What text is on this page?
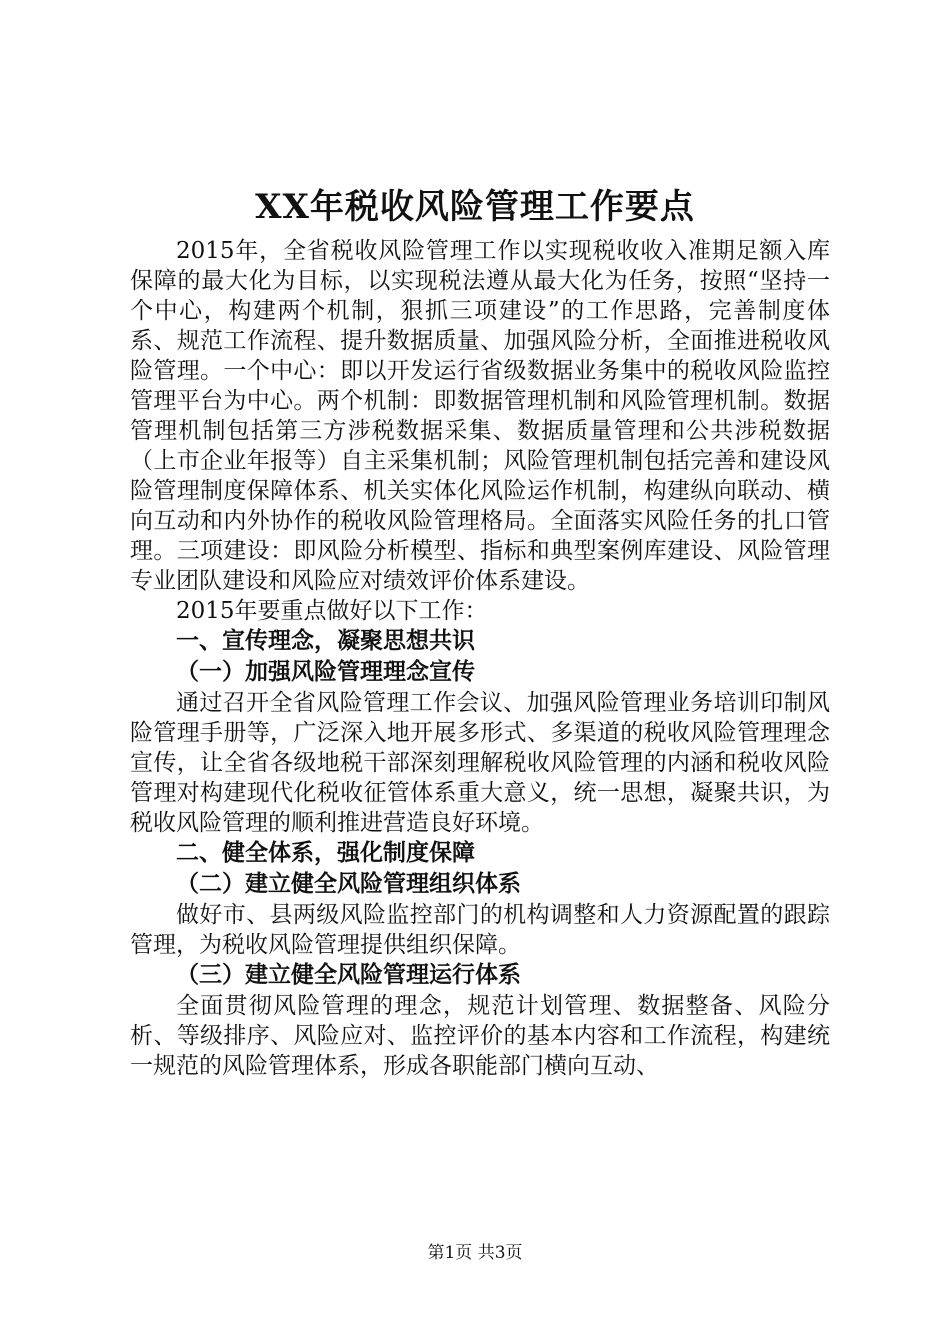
XX年税收风险管理工作要点

2015年，全省税收风险管理工作以实现税收收入准期足额入库保障的最大化为目标，以实现税法遵从最大化为任务，按照“坚持一个中心，构建两个机制，狠抓三项建设”的工作思路，完善制度体系、规范工作流程、提升数据质量、加强风险分析，全面推进税收风险管理。一个中心：即以开发运行省级数据业务集中的税收风险监控管理平台为中心。两个机制：即数据管理机制和风险管理机制。数据管理机制包括第三方涉税数据采集、数据质量管理和公共涉税数据（上市企业年报等）自主采集机制；风险管理机制包括完善和建设风险管理制度保障体系、机关实体化风险运作机制，构建纵向联动、横向互动和内外协作的税收风险管理格局。全面落实风险任务的扎口管理。三项建设：即风险分析模型、指标和典型案例库建设、风险管理专业团队建设和风险应对绩效评价体系建设。

2015年要重点做好以下工作：

一、宣传理念，凝聚思想共识

（一）加强风险管理理念宣传

通过召开全省风险管理工作会议、加强风险管理业务培训印制风险管理手册等，广泛深入地开展多形式、多渠道的税收风险管理理念宣传，让全省各级地税干部深刻理解税收风险管理的内涵和税收风险管理对构建现代化税收征管体系重大意义，统一思想，凝聚共识，为税收风险管理的顺利推进营造良好环境。

二、健全体系，强化制度保障

（二）建立健全风险管理组织体系

做好市、县两级风险监控部门的机构调整和人力资源配置的跟踪管理，为税收风险管理提供组织保障。

（三）建立健全风险管理运行体系

全面贯彻风险管理的理念，规范计划管理、数据整备、风险分析、等级排序、风险应对、监控评价的基本内容和工作流程，构建统一规范的风险管理体系，形成各职能部门横向互动、

第1页 共3页
